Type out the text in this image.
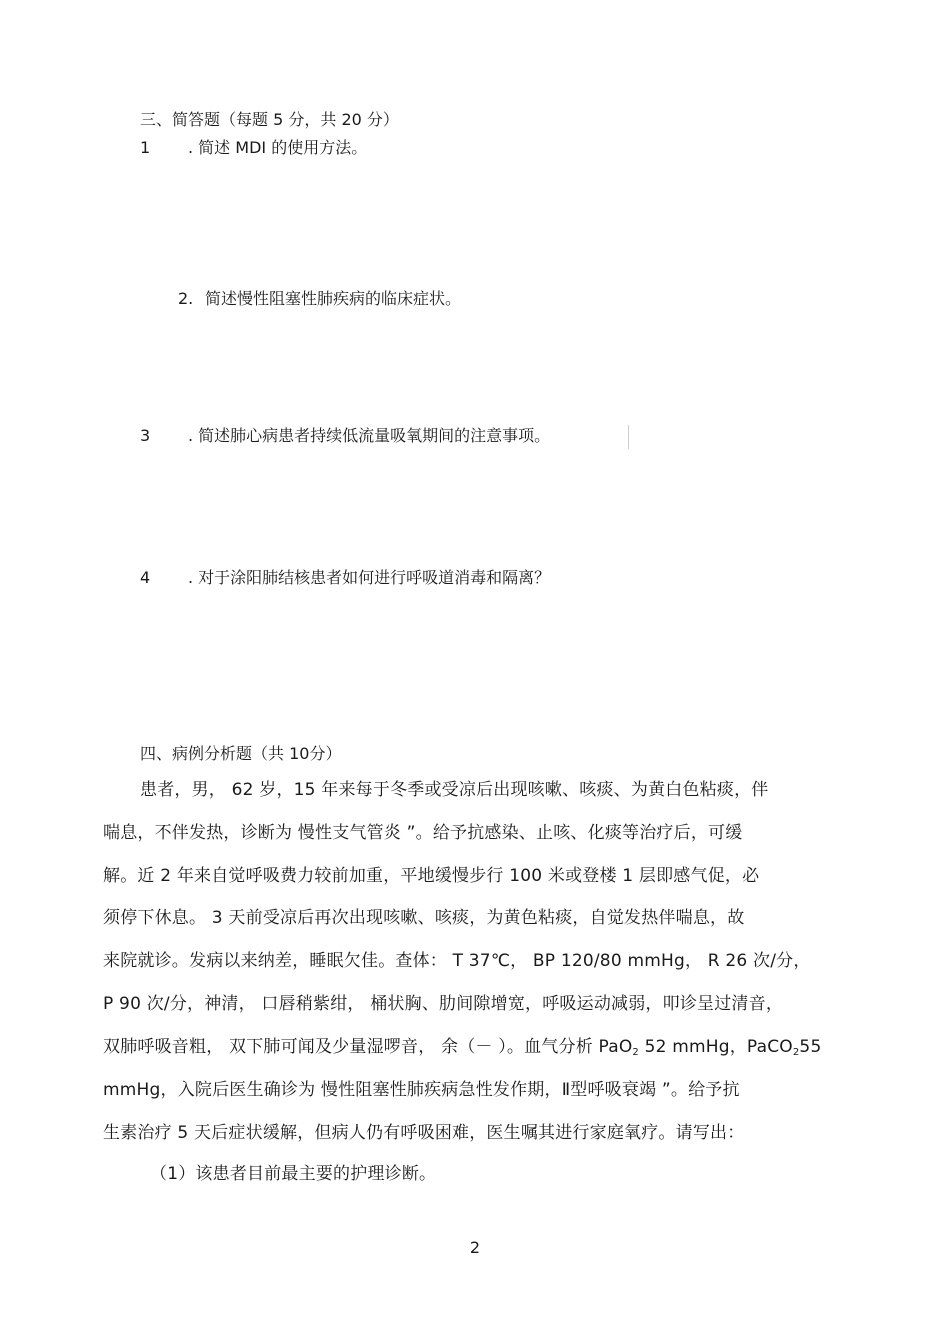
三、简答题（每题 5 分，共 20 分）
1 . 简述 MDI 的使用方法。
2. 简述慢性阻塞性肺疾病的临床症状。
3 . 简述肺心病患者持续低流量吸氧期间的注意事项。
4 . 对于涂阳肺结核患者如何进行呼吸道消毒和隔离？
四、病例分析题（共 10分）
患者，男， 62 岁，15 年来每于冬季或受凉后出现咳嗽、咳痰、为黄白色粘痰，伴
喘息，不伴发热，诊断为 慢性支气管炎 ”。给予抗感染、止咳、化痰等治疗后，可缓
解。近 2 年来自觉呼吸费力较前加重，平地缓慢步行 100 米或登楼 1 层即感气促，必
须停下休息。 3 天前受凉后再次出现咳嗽、咳痰，为黄色粘痰，自觉发热伴喘息，故
来院就诊。发病以来纳差，睡眠欠佳。查体： T 37℃， BP 120/80 mmHg， R 26 次/分，
P 90 次/分，神清， 口唇稍紫绀， 桶状胸、肋间隙增宽，呼吸运动减弱，叩诊呈过清音，
双肺呼吸音粗， 双下肺可闻及少量湿啰音， 余（－ ）。血气分析 PaO$_2$ 52 mmHg，PaCO$_2$55
mmHg，入院后医生确诊为 慢性阻塞性肺疾病急性发作期，Ⅱ型呼吸衰竭 ”。给予抗
生素治疗 5 天后症状缓解，但病人仍有呼吸困难，医生嘱其进行家庭氧疗。请写出：
（1）该患者目前最主要的护理诊断。
2
